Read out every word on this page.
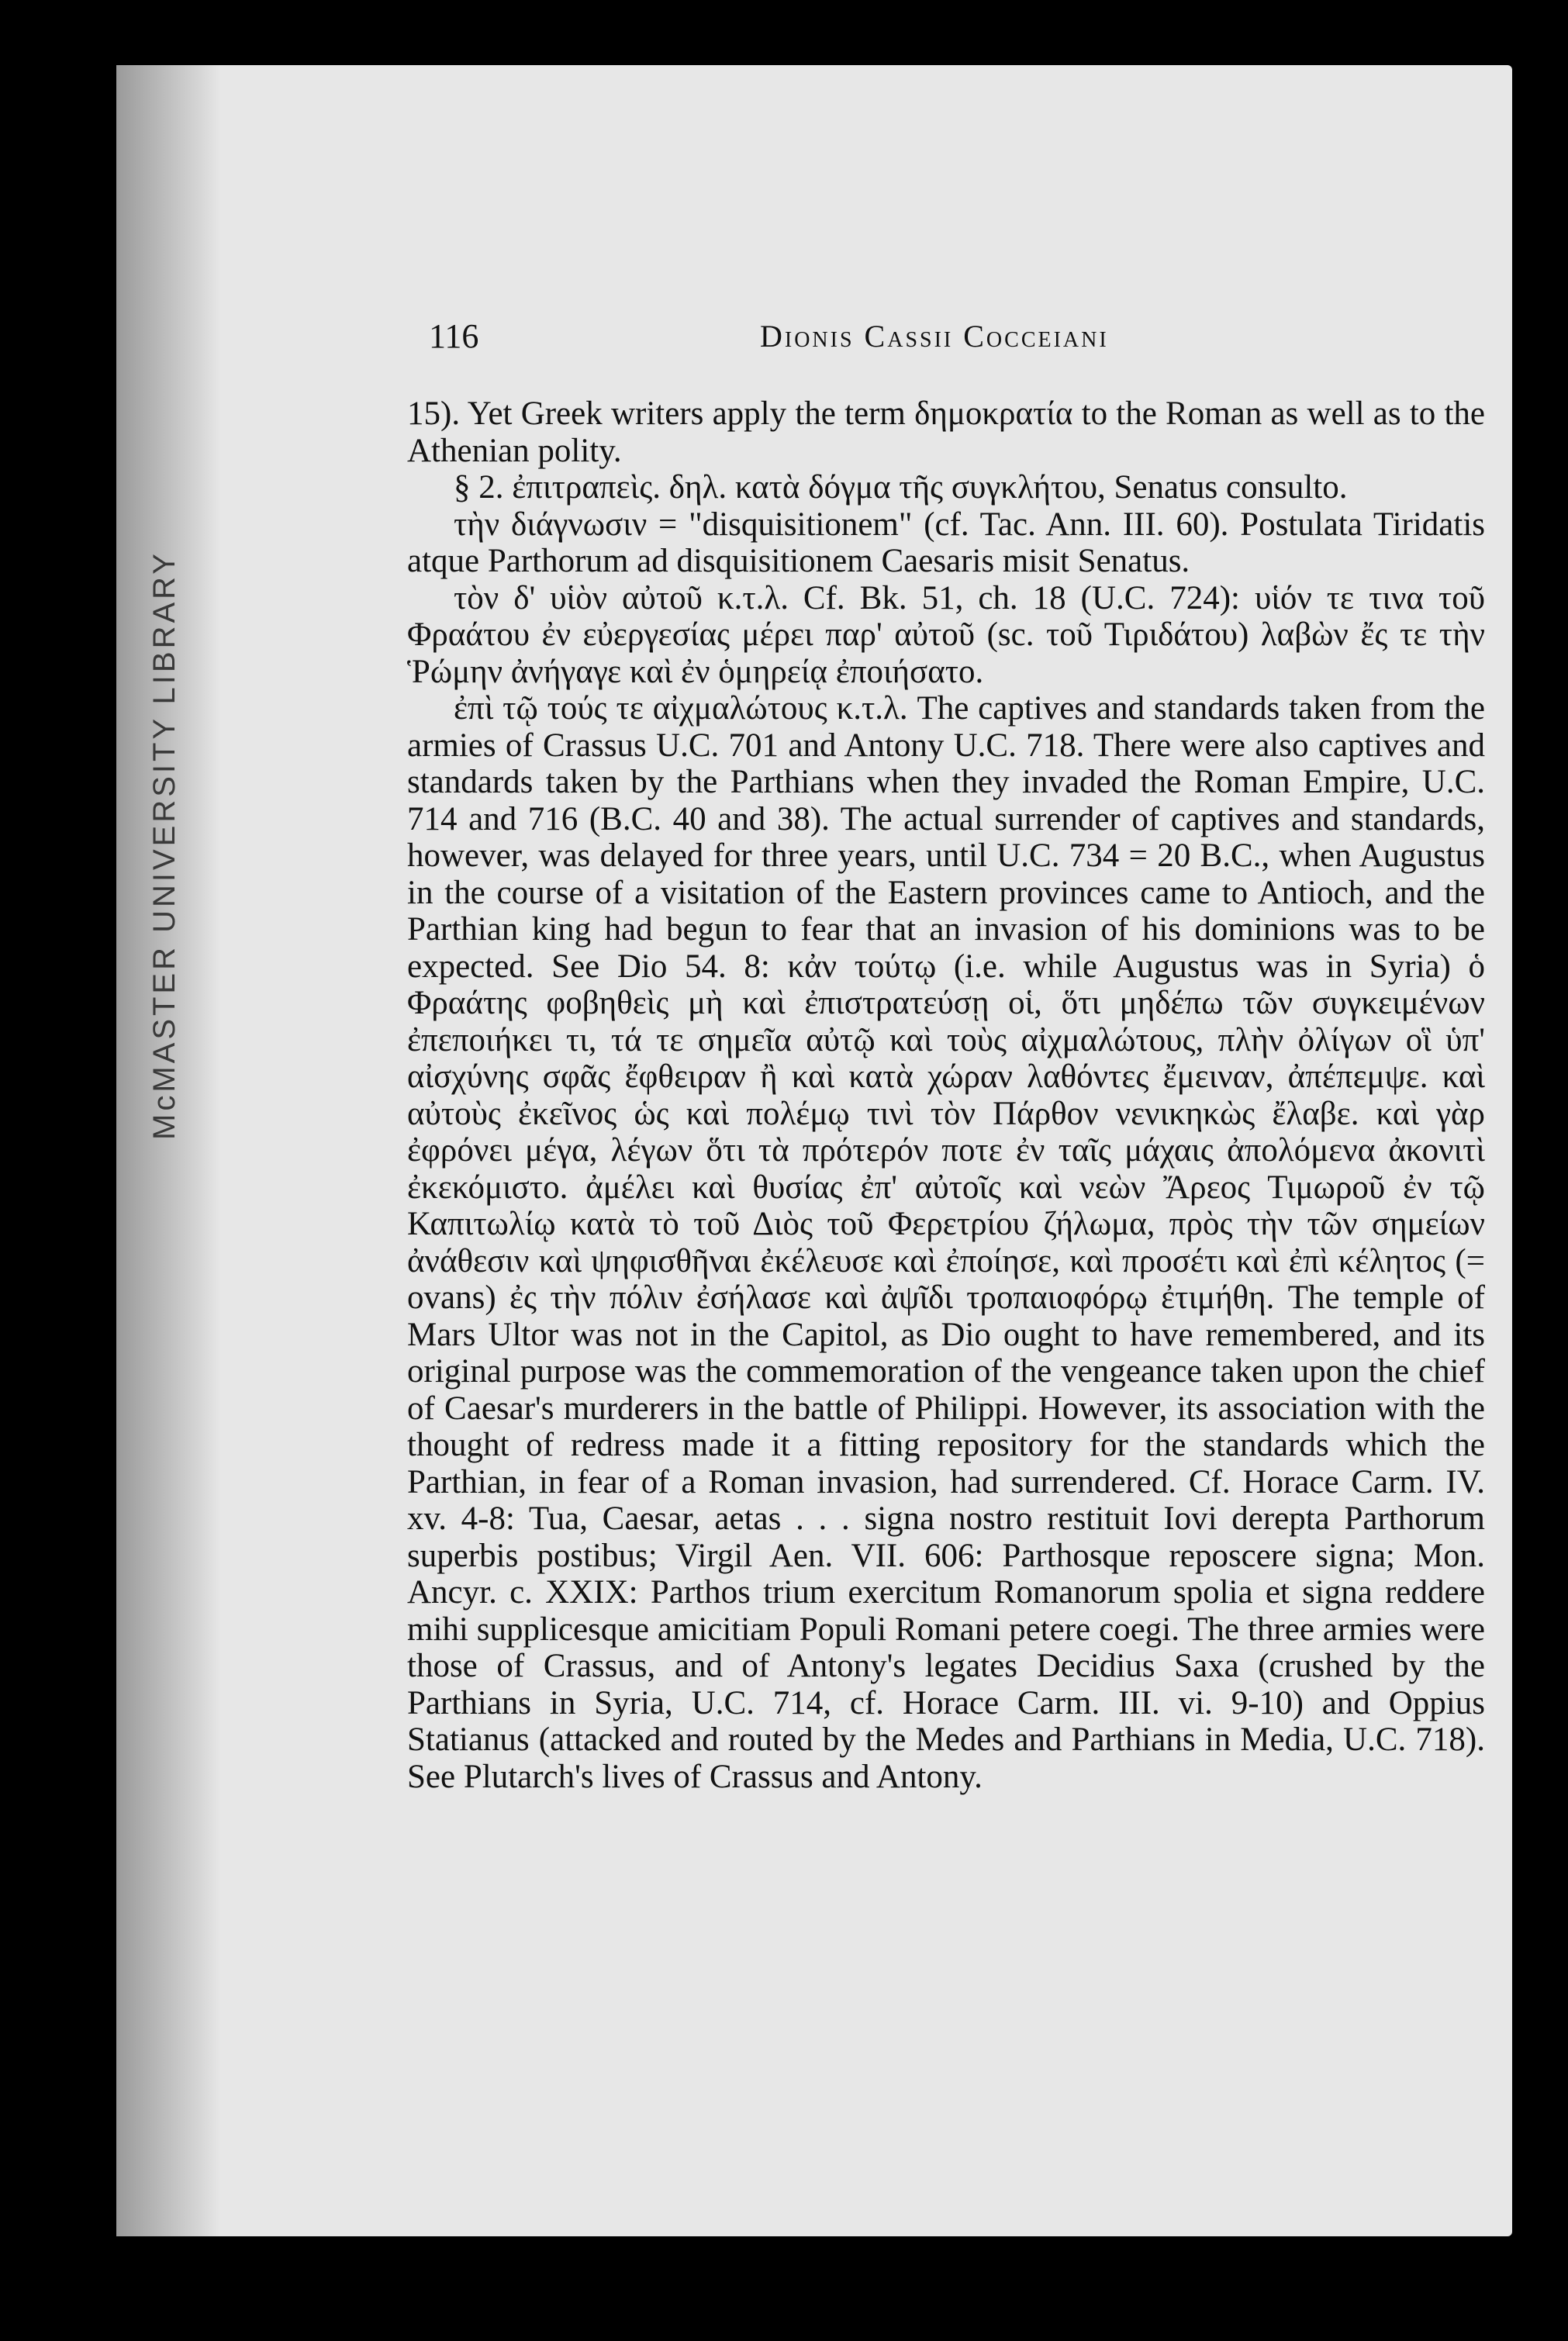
McMASTER UNIVERSITY LIBRARY
116	Dionis Cassii Cocceiani

15). Yet Greek writers apply the term δημοκρατία to the Roman as well as to the Athenian polity.

§ 2. ἐπιτραπεὶς. δηλ. κατὰ δόγμα τῆς συγκλήτου, Senatus consulto.

τὴν διάγνωσιν = "disquisitionem" (cf. Tac. Ann. III. 60). Postulata Tiridatis atque Parthorum ad disquisitionem Caesaris misit Senatus.

τὸν δ' υἱὸν αὐτοῦ κ.τ.λ. Cf. Bk. 51, ch. 18 (U.C. 724): υἱόν τε τινα τοῦ Φραάτου ἐν εὐεργεσίας μέρει παρ' αὐτοῦ (sc. τοῦ Τιριδάτου) λαβὼν ἔς τε τὴν Ῥώμην ἀνήγαγε καὶ ἐν ὁμηρείᾳ ἐποιήσατο.

ἐπὶ τῷ τούς τε αἰχμαλώτους κ.τ.λ. The captives and standards taken from the armies of Crassus U.C. 701 and Antony U.C. 718. There were also captives and standards taken by the Parthians when they invaded the Roman Empire, U.C. 714 and 716 (B.C. 40 and 38). The actual surrender of captives and standards, however, was delayed for three years, until U.C. 734 = 20 B.C., when Augustus in the course of a visitation of the Eastern provinces came to Antioch, and the Parthian king had begun to fear that an invasion of his dominions was to be expected. See Dio 54. 8: κἀν τούτῳ (i.e. while Augustus was in Syria) ὁ Φραάτης φοβηθεὶς μὴ καὶ ἐπιστρατεύσῃ οἱ, ὅτι μηδέπω τῶν συγκειμένων ἐπεποιήκει τι, τά τε σημεῖα αὐτῷ καὶ τοὺς αἰχμαλώτους, πλὴν ὀλίγων οἳ ὑπ' αἰσχύνης σφᾶς ἔφθειραν ἢ καὶ κατὰ χώραν λαθόντες ἔμειναν, ἀπέπεμψε. καὶ αὐτοὺς ἐκεῖνος ὡς καὶ πολέμῳ τινὶ τὸν Πάρθον νενικηκὼς ἔλαβε. καὶ γὰρ ἐφρόνει μέγα, λέγων ὅτι τὰ πρότερόν ποτε ἐν ταῖς μάχαις ἀπολόμενα ἀκονιτὶ ἐκεκόμιστο. ἀμέλει καὶ θυσίας ἐπ' αὐτοῖς καὶ νεὼν Ἄρεος Τιμωροῦ ἐν τῷ Καπιτωλίῳ κατὰ τὸ τοῦ Διὸς τοῦ Φερετρίου ζήλωμα, πρὸς τὴν τῶν σημείων ἀνάθεσιν καὶ ψηφισθῆναι ἐκέλευσε καὶ ἐποίησε, καὶ προσέτι καὶ ἐπὶ κέλητος (= ovans) ἐς τὴν πόλιν ἐσήλασε καὶ ἀψῖδι τροπαιοφόρῳ ἐτιμήθη. The temple of Mars Ultor was not in the Capitol, as Dio ought to have remembered, and its original purpose was the commemoration of the vengeance taken upon the chief of Caesar's murderers in the battle of Philippi. However, its association with the thought of redress made it a fitting repository for the standards which the Parthian, in fear of a Roman invasion, had surrendered. Cf. Horace Carm. IV. xv. 4-8: Tua, Caesar, aetas . . . signa nostro restituit Iovi derepta Parthorum superbis postibus; Virgil Aen. VII. 606: Parthosque reposcere signa; Mon. Ancyr. c. XXIX: Parthos trium exercitum Romanorum spolia et signa reddere mihi supplicesque amicitiam Populi Romani petere coegi. The three armies were those of Crassus, and of Antony's legates Decidius Saxa (crushed by the Parthians in Syria, U.C. 714, cf. Horace Carm. III. vi. 9-10) and Oppius Statianus (attacked and routed by the Medes and Parthians in Media, U.C. 718). See Plutarch's lives of Crassus and Antony.
